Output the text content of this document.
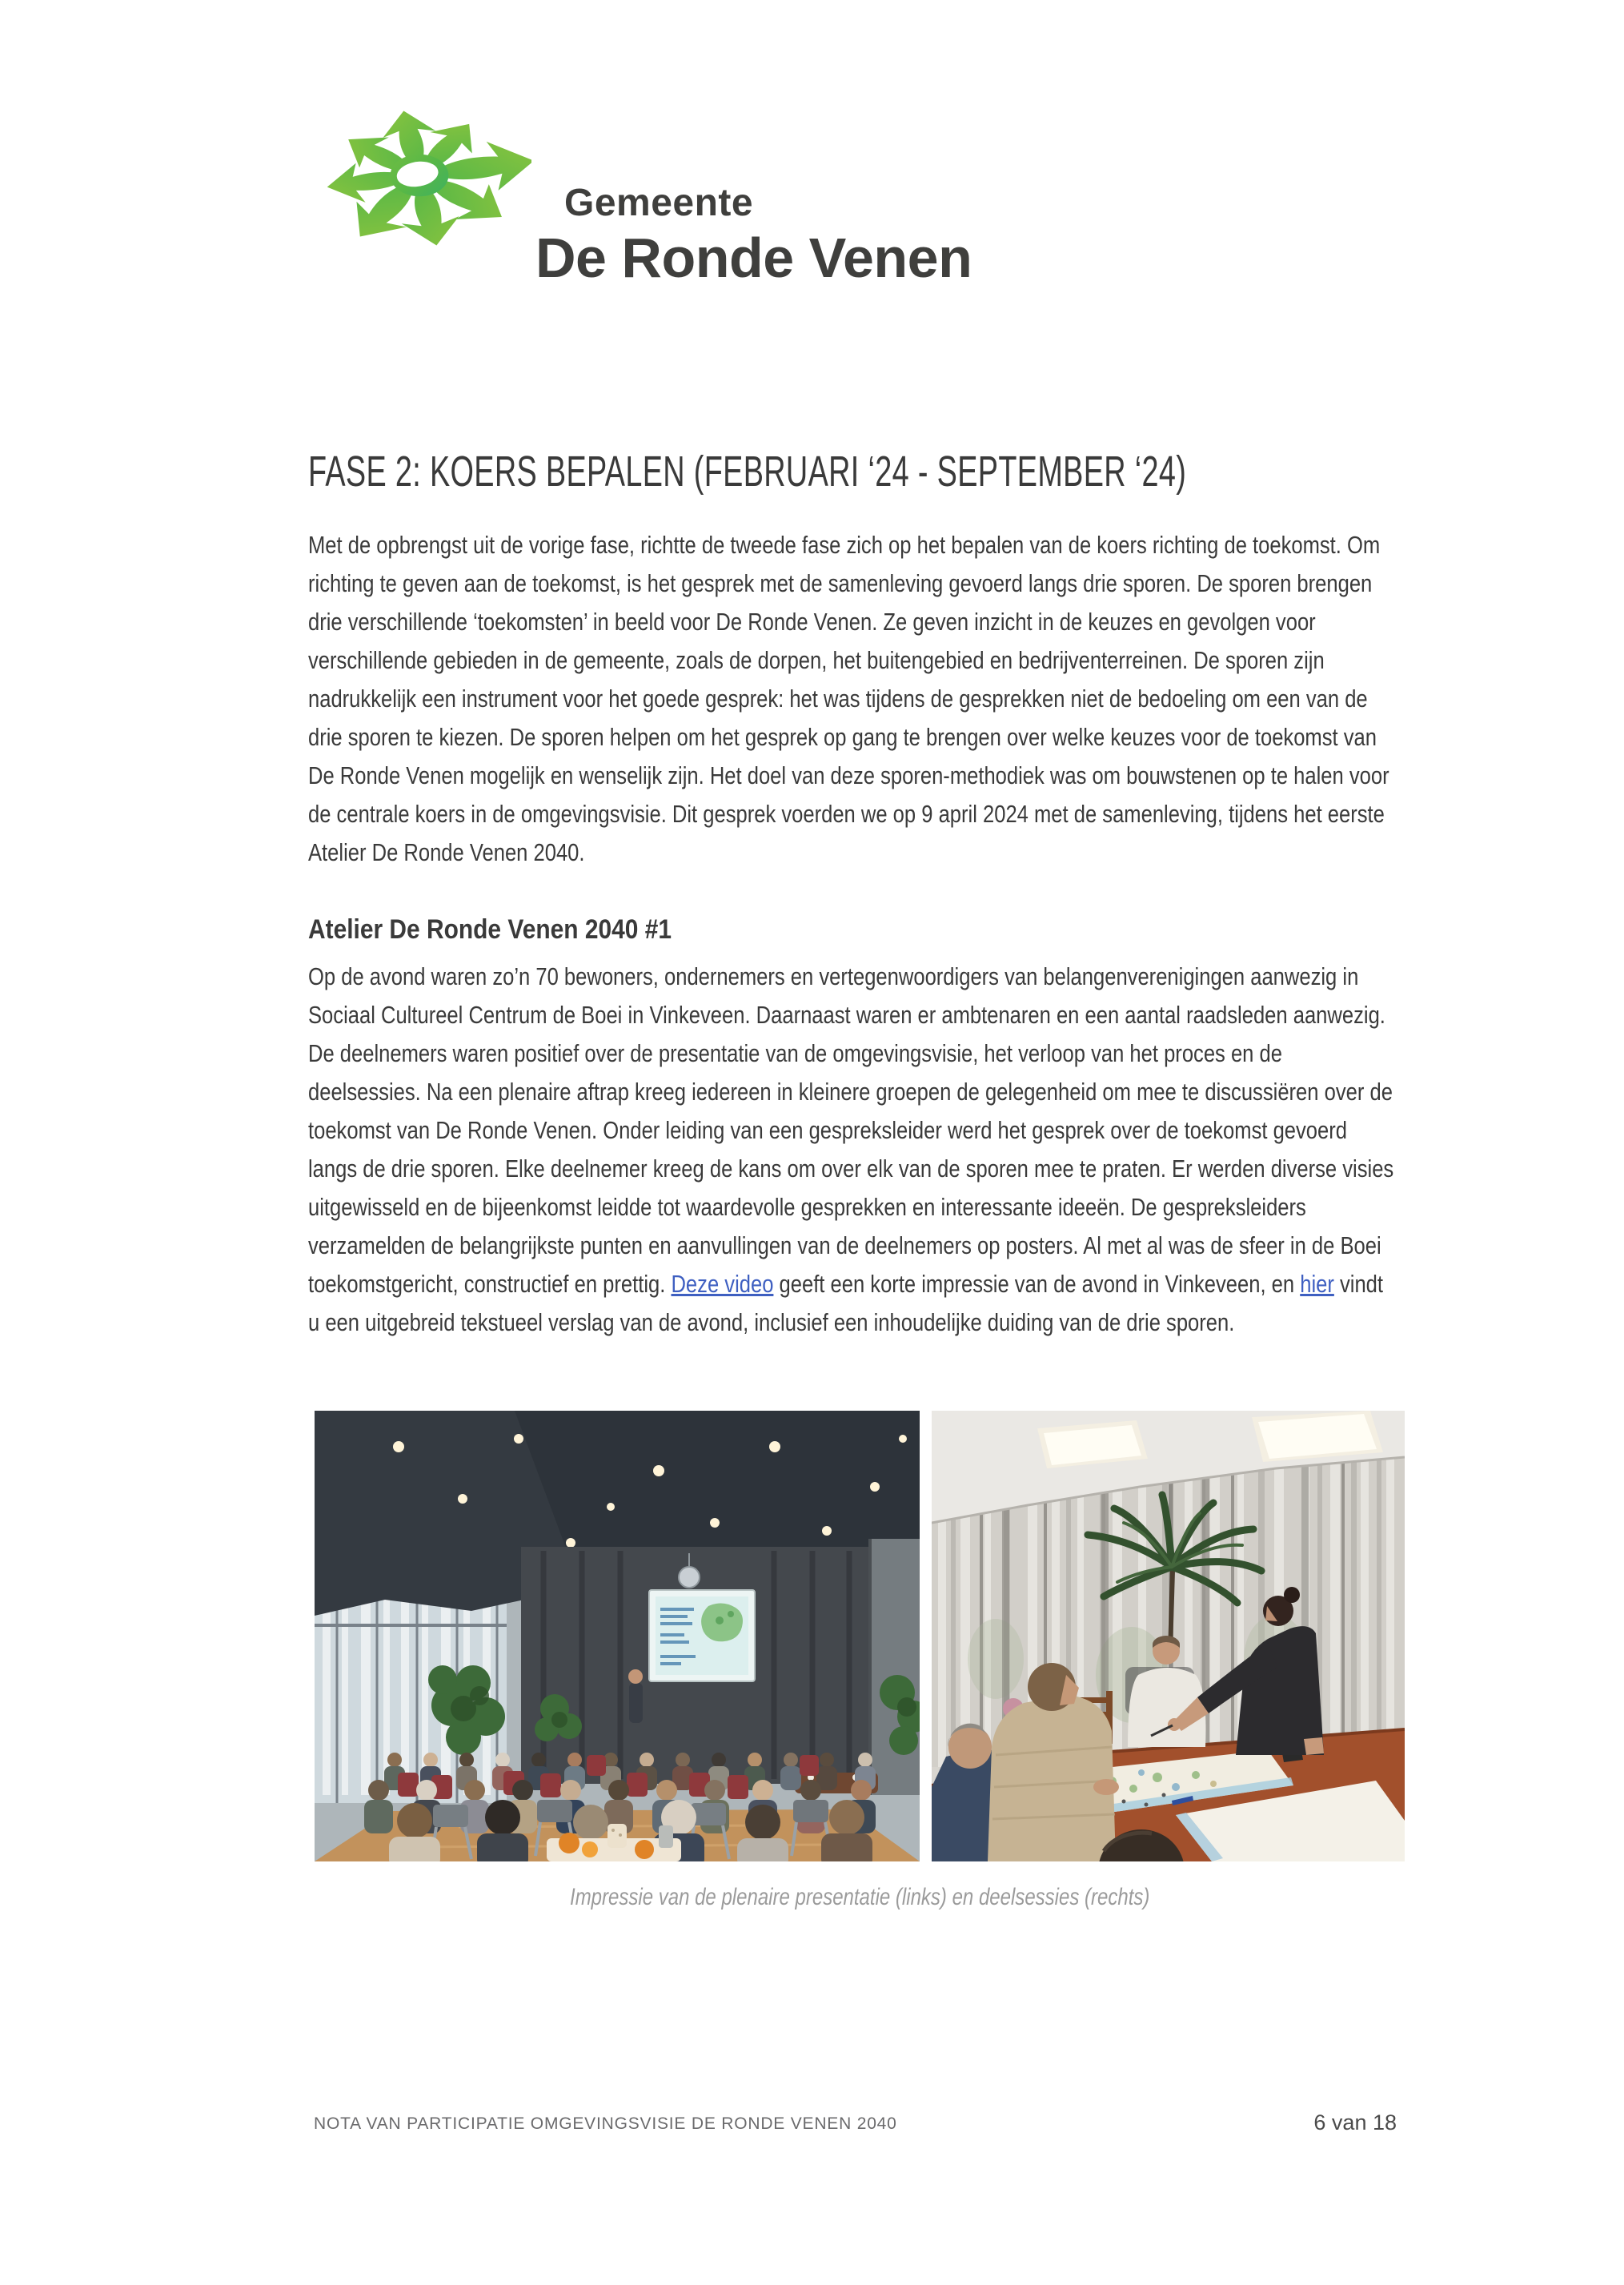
Gemeente
De Ronde Venen
FASE 2: KOERS BEPALEN (FEBRUARI ‘24 - SEPTEMBER ‘24)
Met de opbrengst uit de vorige fase, richtte de tweede fase zich op het bepalen van de koers richting de toekomst. Om richting te geven aan de toekomst, is het gesprek met de samenleving gevoerd langs drie sporen. De sporen brengen drie verschillende ‘toekomsten’ in beeld voor De Ronde Venen. Ze geven inzicht in de keuzes en gevolgen voor verschillende gebieden in de gemeente, zoals de dorpen, het buitengebied en bedrijventerreinen. De sporen zijn nadrukkelijk een instrument voor het goede gesprek: het was tijdens de gesprekken niet de bedoeling om een van de drie sporen te kiezen. De sporen helpen om het gesprek op gang te brengen over welke keuzes voor de toekomst van De Ronde Venen mogelijk en wenselijk zijn. Het doel van deze sporen-methodiek was om bouwstenen op te halen voor de centrale koers in de omgevingsvisie. Dit gesprek voerden we op 9 april 2024 met de samenleving, tijdens het eerste Atelier De Ronde Venen 2040.
Atelier De Ronde Venen 2040 #1
Op de avond waren zo’n 70 bewoners, ondernemers en vertegenwoordigers van belangenverenigingen aanwezig in Sociaal Cultureel Centrum de Boei in Vinkeveen. Daarnaast waren er ambtenaren en een aantal raadsleden aanwezig. De deelnemers waren positief over de presentatie van de omgevingsvisie, het verloop van het proces en de deelsessies. Na een plenaire aftrap kreeg iedereen in kleinere groepen de gelegenheid om mee te discussiëren over de toekomst van De Ronde Venen. Onder leiding van een gespreksleider werd het gesprek over de toekomst gevoerd langs de drie sporen. Elke deelnemer kreeg de kans om over elk van de sporen mee te praten. Er werden diverse visies uitgewisseld en de bijeenkomst leidde tot waardevolle gesprekken en interessante ideeën. De gespreksleiders verzamelden de belangrijkste punten en aanvullingen van de deelnemers op posters. Al met al was de sfeer in de Boei toekomstgericht, constructief en prettig. Deze video geeft een korte impressie van de avond in Vinkeveen, en hier vindt u een uitgebreid tekstueel verslag van de avond, inclusief een inhoudelijke duiding van de drie sporen.
Impressie van de plenaire presentatie (links) en deelsessies (rechts)
NOTA VAN PARTICIPATIE OMGEVINGSVISIE DE RONDE VENEN 2040	6 van 18
